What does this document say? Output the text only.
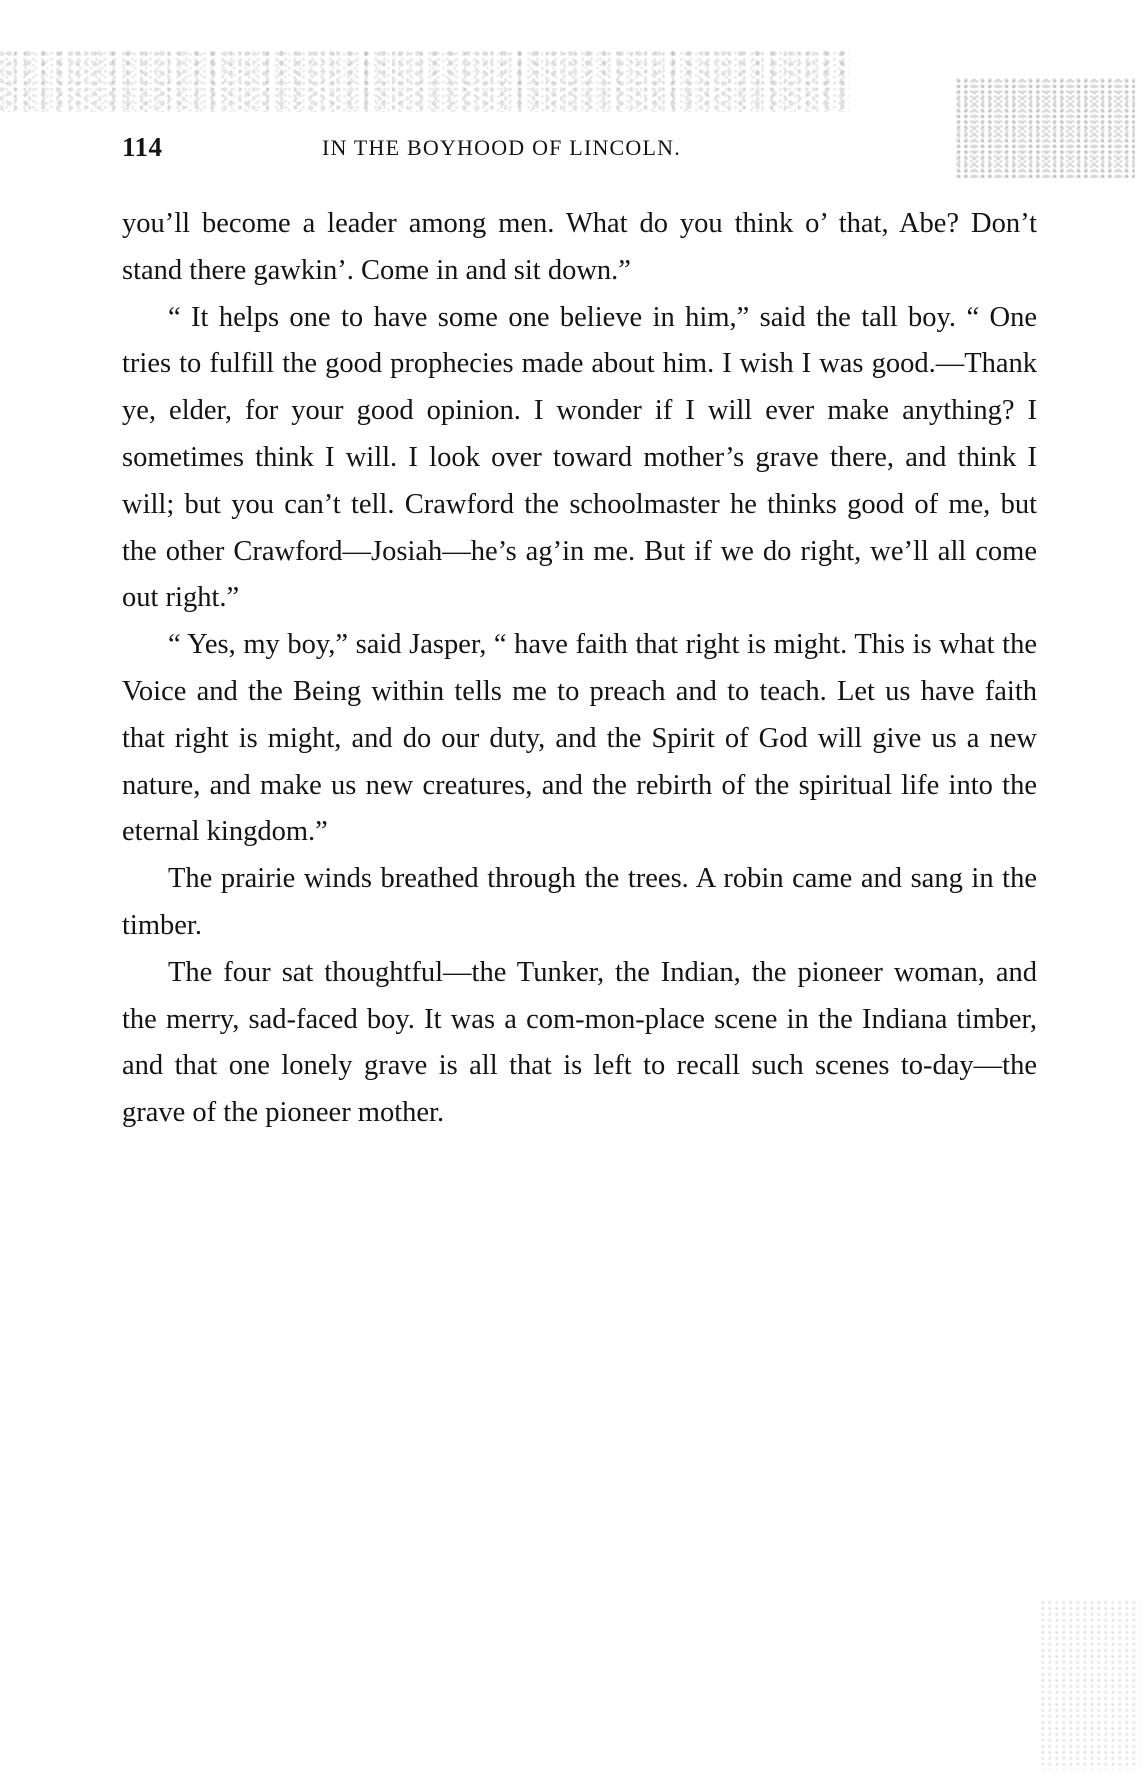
114	IN THE BOYHOOD OF LINCOLN.

you’ll become a leader among men. What do you think o’ that, Abe? Don’t stand there gawkin’. Come in and sit down.”

“ It helps one to have some one believe in him,” said the tall boy. “ One tries to fulfill the good prophecies made about him. I wish I was good.—Thank ye, elder, for your good opinion. I wonder if I will ever make anything? I sometimes think I will. I look over toward mother’s grave there, and think I will; but you can’t tell. Crawford the schoolmaster he thinks good of me, but the other Crawford—Josiah—he’s ag’in me. But if we do right, we’ll all come out right.”

“ Yes, my boy,” said Jasper, “ have faith that right is might. This is what the Voice and the Being within tells me to preach and to teach. Let us have faith that right is might, and do our duty, and the Spirit of God will give us a new nature, and make us new creatures, and the rebirth of the spiritual life into the eternal kingdom.”

The prairie winds breathed through the trees. A robin came and sang in the timber.

The four sat thoughtful—the Tunker, the Indian, the pioneer woman, and the merry, sad-faced boy. It was a com-mon-place scene in the Indiana timber, and that one lonely grave is all that is left to recall such scenes to-day—the grave of the pioneer mother.
